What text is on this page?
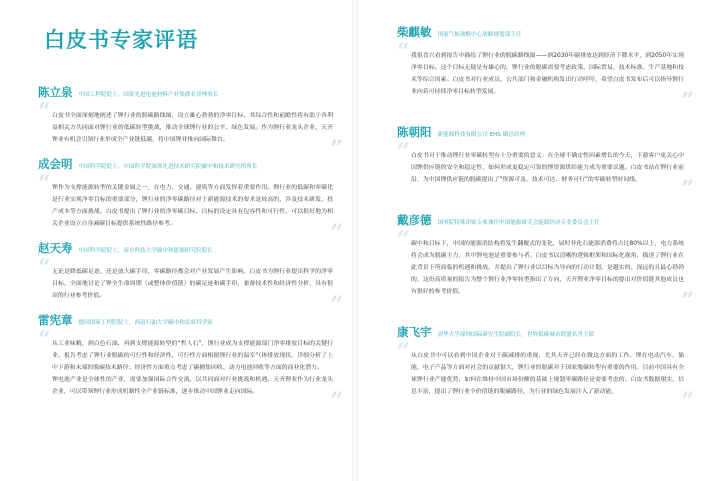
白皮书专家评语
陈立泉 中国工程院院士，国家先进电池材料产业集群名誉理事长
“ 白皮书全面深刻地阐述了锂行业的脱碳路线图，设立雄心勃勃的净零目标，其综合性和前瞻性将有助于各利益相关方共同面对锂行业的低碳转型挑战，推动全球锂行业的公平、绿色发展。作为锂行业龙头企业，天齐锂业有机会引领行业形成全产业链低碳，将中国锂业推向国际舞台。	”
成会明 中国科学院院士，中国科学院深圳先进技术研究院碳中和技术研究所所长
“ 锂作为支撑能源转型的关键金属之一，在电力、交通、建筑等方面发挥着重要作用。锂行业的低碳和零碳化是行业实现净零目标的重要部分，锂行业的净零碳路径对于新能源技术的要求是较高的，涉及技术研发、投产成本等方面挑战。白皮书提出了锂行业的净零碳目标，目标的设定具有包容性和可行性，可以很好地为相关企业设立自身减碳目标提供系统性路径参考。	”
赵天寿 中国科学院院士，南方科技大学碳中和能源研究院院长
“ 无论是降低碳足迹，还是放大碳手印，零碳路径都会对产业发展产生影响。白皮书为锂行业提出科学的净零目标，全面地讨论了锂全生命周期（或整体价值链）的碳足迹和碳手印，兼备技术性和经济性分析，具有很高的行业参考价值。	”
雷宪章 德国国家工程院院士，西南石油大学碳中和首席科学家
“ 从工业味精，到白色石油，再到支撑能源转型的“哲人石”，锂行业成为支撑能源部门净零排放目标的关键行业。报告考虑了锂行业脱碳的可行性和经济性，可行性方面根据锂行业的温室气体排放现状，详细分析了上中下游和未端的脱碳技术路径；经济性方面重点考虑了碳捕集回收、动力电池回收等方面的商业化潜力。
锂电池产业是全球性的产业，需要加强国际合作交流，以共同面对行业挑战和机遇。天齐锂业作为行业龙头企业，可以带领锂行业形成机制性全产业链标准，逐步推动中国锂业走向国际。	”
柴麒敏 国家气候战略中心战略规划部主任
“ 我很喜兴看到报告中描绘了锂行业的脱碳路线图——到2030年碳排放达到经济下降水平，到2050年实现净零目标。这个目标无疑是有雄心的，锂行业的脱碳需要考虑政策、国际贸易、技术标准、生产基地和技术等综合因素。白皮书对行业成员、公共部门和金融机构发出行动呼吁，希望白皮书发布后可以指导锂行业向着可持续净零目标转型发展。	”
陈朝阳 新能源科技有限公司 EHS 副总经理
“ 白皮书对于推动锂行业零碳转型有十分重要的意义：在全球不确定性因素增长的今天，下游客户更关心中国锂供应链的安全和稳定性，如何形成更稳定可靠的锂资源供给能力成为重要议题。白皮书站在锂行业前沿，为中国锂供应链的脱碳提出了“资源可及、技术可达、财务可行”的零碳转型时间线。	”
戴彦德 国务院特殊津贴专家兼任中国能源研究会能源经济专业委员会主任
“ 碳中和目标下，中国的能源消结构将发生翻覆式的变化，届时非化石能源消费将占比80%以上，电力系统将会成为脱碳主力，其中锂电池是重要参与者。白皮书以清晰的逻辑框架和国际化视角，描述了锂行业在此背景下所面临的机遇和挑战，并提出了锂行业以目标为导向的行动计划，是越实的、深远的且最心勃勃的，这份高质量的报告为整个锂行业净零转型指出了方向，天齐锂业净零目标的提出对价值链其他成员也有很好的参考价值。	”
康飞宇 清华大学深圳国际研究生院副院长，世界低碳城市联盟名誉主席
“ 从白皮书中可以看到中国企业对于碳减排的重视，尤其天齐已经在做这方面的工作。锂在电动汽车、储能、电子产品等方面对社会的贡献很大，锂行业的脱碳对于国家脱碳转型有重要的作用。目前中国具有全球锂行业产能优势，如何在维持中国市场份额的基础上规划零碳路径是需要考虑的。白皮书数据翔实、信息丰富，提出了锂行业全价值链的脱碳路径，为行业的绿色发展注入了新动能。	”
